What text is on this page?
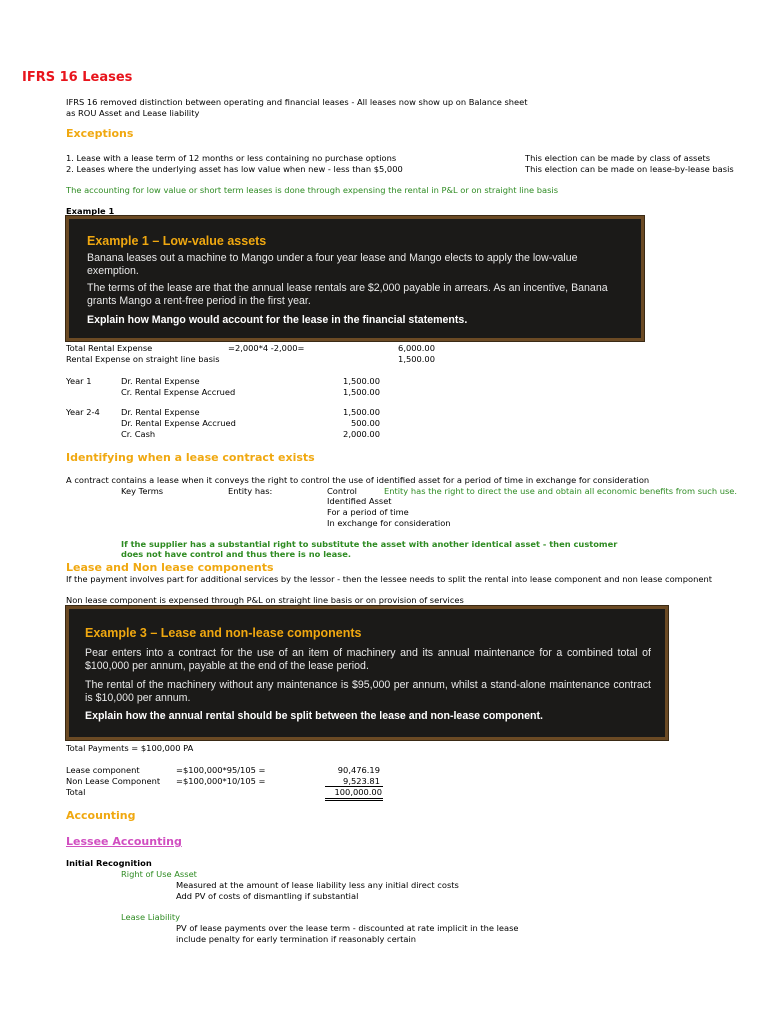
IFRS 16 Leases
IFRS 16 removed distinction between operating and financial leases - All leases now show up on Balance sheet
as ROU Asset and Lease liability
Exceptions
1. Lease with a lease term of 12 months or less containing no purchase options	This election can be made by class of assets
2. Leases where the underlying asset has low value when new - less than $5,000	This election can be made on lease-by-lease basis
The accounting for low value or short term leases is done through expensing the rental in P&L or on straight line basis
Example 1
Example 1 – Low-value assets
Banana leases out a machine to Mango under a four year lease and Mango elects to apply the low-value exemption.
The terms of the lease are that the annual lease rentals are $2,000 payable in arrears. As an incentive, Banana grants Mango a rent-free period in the first year.
Explain how Mango would account for the lease in the financial statements.
Total Rental Expense	=2,000*4 -2,000=	6,000.00
Rental Expense on straight line basis	1,500.00
Year 1	Dr. Rental Expense	1,500.00
Cr. Rental Expense Accrued	1,500.00
Year 2-4	Dr. Rental Expense	1,500.00
Dr. Rental Expense Accrued	500.00
Cr. Cash	2,000.00
Identifying when a lease contract exists
A contract contains a lease when it conveys the right to control the use of identified asset for a period of time in exchange for consideration
Key Terms	Entity has:	Control	Entity has the right to direct the use and obtain all economic benefits from such use.
Identified Asset
For a period of time
In exchange for consideration
If the supplier has a substantial right to substitute the asset with another identical asset - then customer
does not have control and thus there is no lease.
Lease and Non lease components
If the payment involves part for additional services by the lessor - then the lessee needs to split the rental into lease component and non lease component
Non lease component is expensed through P&L on straight line basis or on provision of services
Example 3 – Lease and non-lease components
Pear enters into a contract for the use of an item of machinery and its annual maintenance for a combined total of $100,000 per annum, payable at the end of the lease period.
The rental of the machinery without any maintenance is $95,000 per annum, whilst a stand-alone maintenance contract is $10,000 per annum.
Explain how the annual rental should be split between the lease and non-lease component.
Total Payments = $100,000 PA
Lease component	=$100,000*95/105 =	90,476.19
Non Lease Component =$100,000*10/105 =	9,523.81
Total	100,000.00
Accounting
Lessee Accounting
Initial Recognition
Right of Use Asset
Measured at the amount of lease liability less any initial direct costs
Add PV of costs of dismantling if substantial
Lease Liability
PV of lease payments over the lease term - discounted at rate implicit in the lease
include penalty for early termination if reasonably certain
